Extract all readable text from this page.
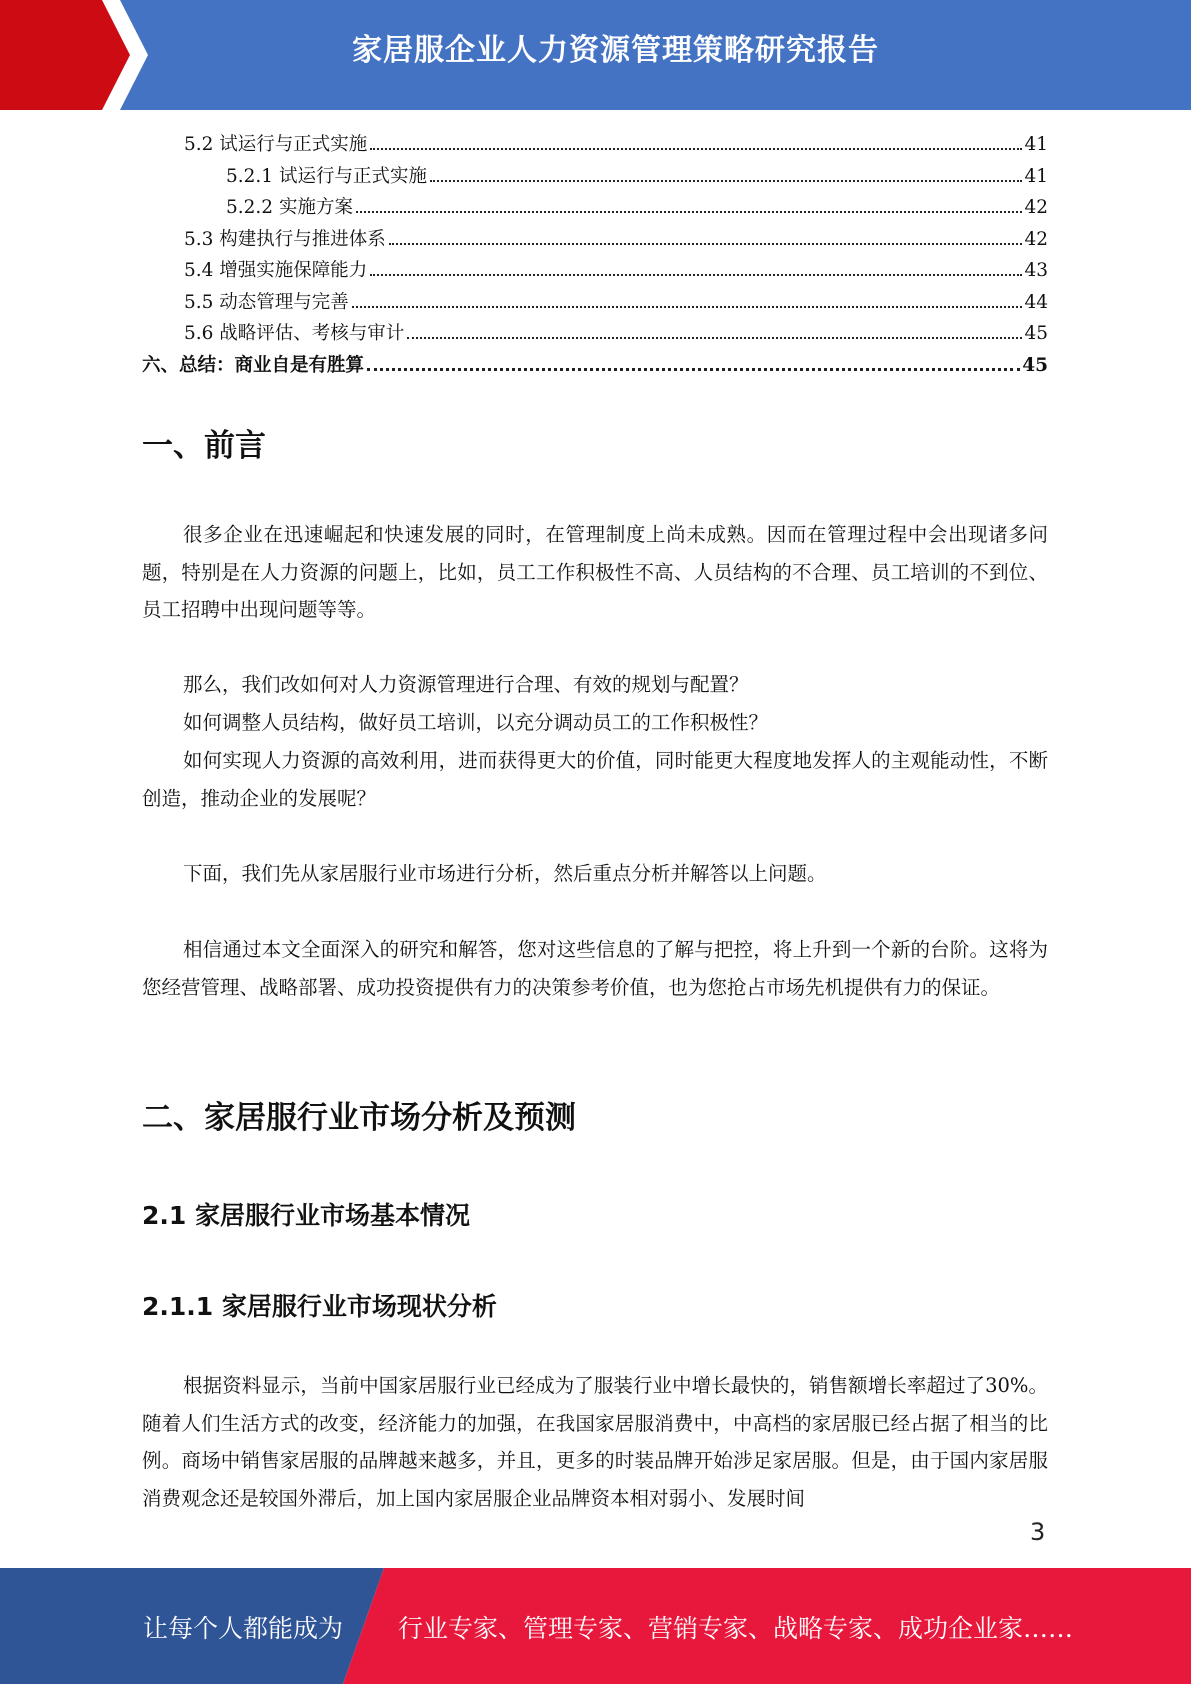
家居服企业人力资源管理策略研究报告
5.2 试运行与正式实施	41
5.2.1 试运行与正式实施	41
5.2.2 实施方案	42
5.3 构建执行与推进体系	42
5.4 增强实施保障能力	43
5.5 动态管理与完善	44
5.6 战略评估、考核与审计	45
六、总结：商业自是有胜算	45
一、前言

很多企业在迅速崛起和快速发展的同时，在管理制度上尚未成熟。因而在管理过程中会出现诸多问题，特别是在人力资源的问题上，比如，员工工作积极性不高、人员结构的不合理、员工培训的不到位、员工招聘中出现问题等等。

那么，我们改如何对人力资源管理进行合理、有效的规划与配置？

如何调整人员结构，做好员工培训，以充分调动员工的工作积极性？

如何实现人力资源的高效利用，进而获得更大的价值，同时能更大程度地发挥人的主观能动性，不断创造，推动企业的发展呢？

下面，我们先从家居服行业市场进行分析，然后重点分析并解答以上问题。

相信通过本文全面深入的研究和解答，您对这些信息的了解与把控，将上升到一个新的台阶。这将为您经营管理、战略部署、成功投资提供有力的决策参考价值，也为您抢占市场先机提供有力的保证。

二、家居服行业市场分析及预测
2.1 家居服行业市场基本情况
2.1.1 家居服行业市场现状分析

根据资料显示，当前中国家居服行业已经成为了服装行业中增长最快的，销售额增长率超过了30%。随着人们生活方式的改变，经济能力的加强，在我国家居服消费中，中高档的家居服已经占据了相当的比例。商场中销售家居服的品牌越来越多，并且，更多的时装品牌开始涉足家居服。但是，由于国内家居服消费观念还是较国外滞后，加上国内家居服企业品牌资本相对弱小、发展时间

3
让每个人都能成为 行业专家、管理专家、营销专家、战略专家、成功企业家……
